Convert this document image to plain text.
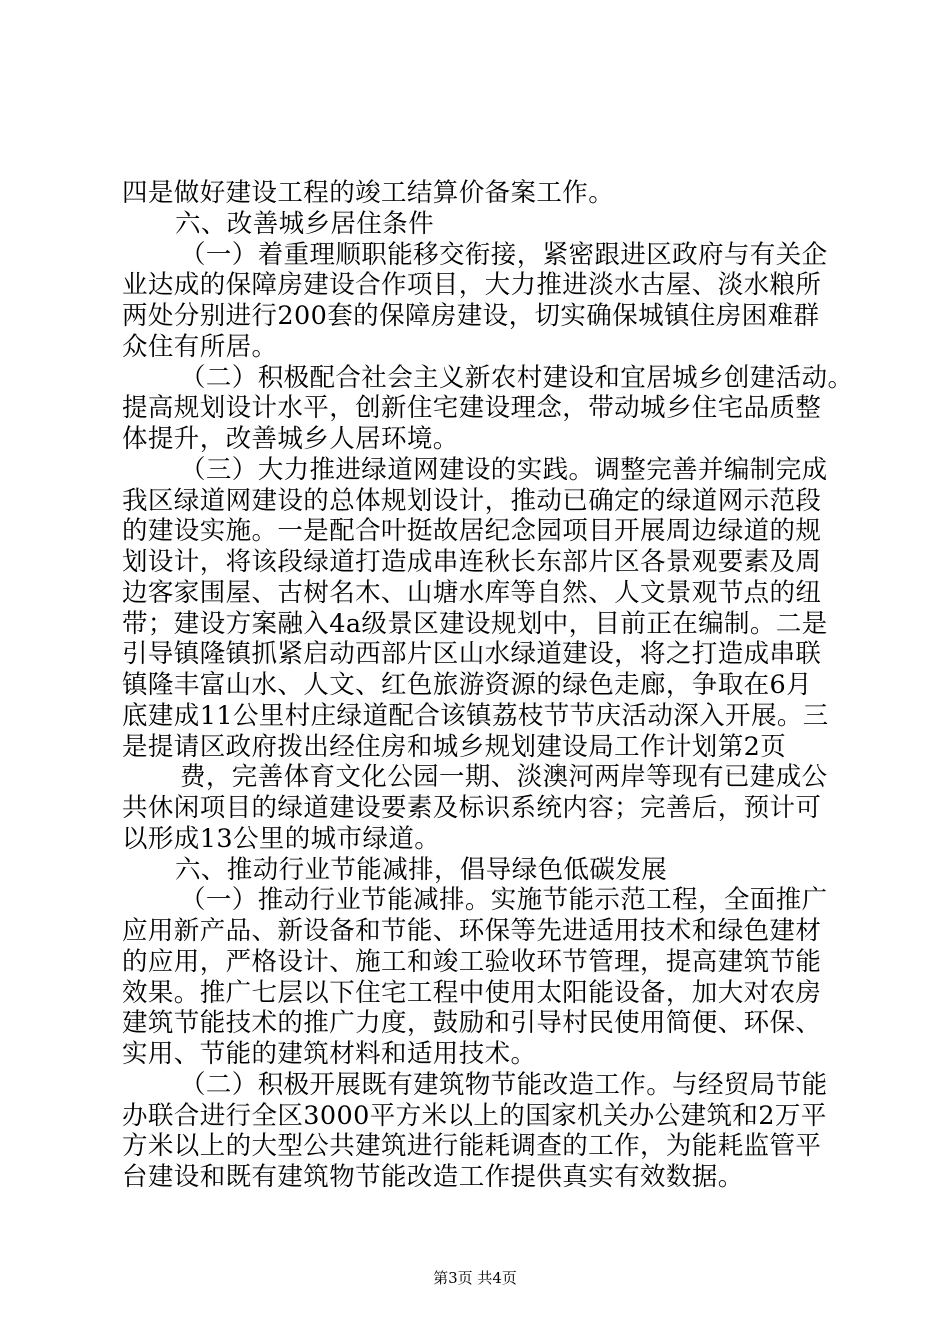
四是做好建设工程的竣工结算价备案工作。
六、改善城乡居住条件
（一）着重理顺职能移交衔接，紧密跟进区政府与有关企
业达成的保障房建设合作项目，大力推进淡水古屋、淡水粮所
两处分别进行200套的保障房建设，切实确保城镇住房困难群
众住有所居。
（二）积极配合社会主义新农村建设和宜居城乡创建活动。
提高规划设计水平，创新住宅建设理念，带动城乡住宅品质整
体提升，改善城乡人居环境。
（三）大力推进绿道网建设的实践。调整完善并编制完成
我区绿道网建设的总体规划设计，推动已确定的绿道网示范段
的建设实施。一是配合叶挺故居纪念园项目开展周边绿道的规
划设计，将该段绿道打造成串连秋长东部片区各景观要素及周
边客家围屋、古树名木、山塘水库等自然、人文景观节点的纽
带；建设方案融入4a级景区建设规划中，目前正在编制。二是
引导镇隆镇抓紧启动西部片区山水绿道建设，将之打造成串联
镇隆丰富山水、人文、红色旅游资源的绿色走廊，争取在6月
底建成11公里村庄绿道配合该镇荔枝节节庆活动深入开展。三
是提请区政府拨出经住房和城乡规划建设局工作计划第2页
费，完善体育文化公园一期、淡澳河两岸等现有已建成公
共休闲项目的绿道建设要素及标识系统内容；完善后，预计可
以形成13公里的城市绿道。
六、推动行业节能减排，倡导绿色低碳发展
（一）推动行业节能减排。实施节能示范工程，全面推广
应用新产品、新设备和节能、环保等先进适用技术和绿色建材
的应用，严格设计、施工和竣工验收环节管理，提高建筑节能
效果。推广七层以下住宅工程中使用太阳能设备，加大对农房
建筑节能技术的推广力度，鼓励和引导村民使用简便、环保、
实用、节能的建筑材料和适用技术。
（二）积极开展既有建筑物节能改造工作。与经贸局节能
办联合进行全区3000平方米以上的国家机关办公建筑和2万平
方米以上的大型公共建筑进行能耗调查的工作，为能耗监管平
台建设和既有建筑物节能改造工作提供真实有效数据。
第3页 共4页
